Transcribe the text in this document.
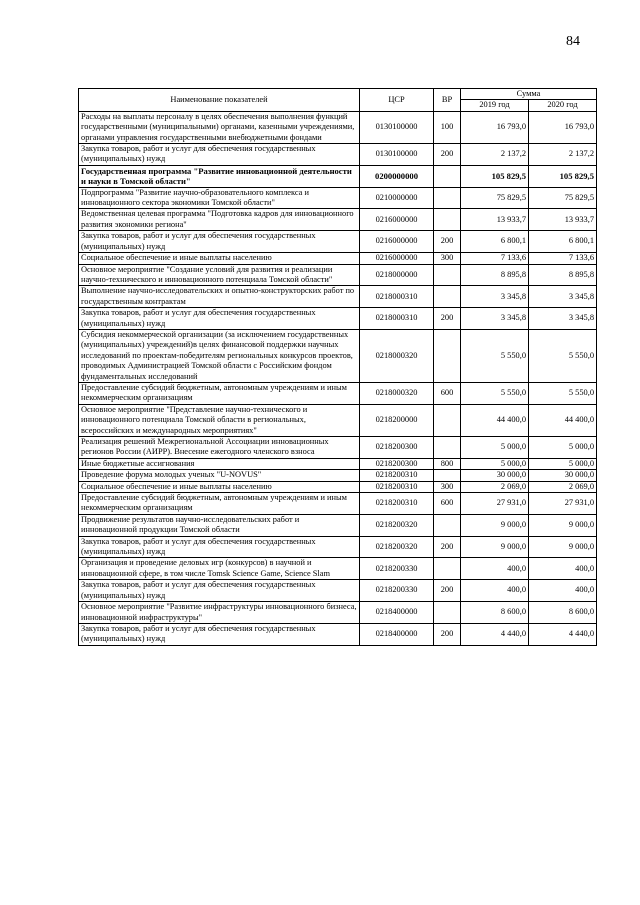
84
Наименование показателей	ЦСР	ВР	Сумма	
			2019 год	2020 год
Расходы на выплаты персоналу в целях обеспечения выполнения функций государственными (муниципальными) органами, казенными учреждениями, органами управления государственными внебюджетными фондами	0130100000	100	16 793,0	16 793,0
Закупка товаров, работ и услуг для обеспечения государственных (муниципальных) нужд	0130100000	200	2 137,2	2 137,2
Государственная программа "Развитие инновационной деятельности и науки в Томской области"	0200000000		105 829,5	105 829,5
Подпрограмма "Развитие научно-образовательного комплекса и инновационного сектора экономики Томской области"	0210000000		75 829,5	75 829,5
Ведомственная целевая программа "Подготовка кадров для инновационного развития экономики региона"	0216000000		13 933,7	13 933,7
Закупка товаров, работ и услуг для обеспечения государственных (муниципальных) нужд	0216000000	200	6 800,1	6 800,1
Социальное обеспечение и иные выплаты населению	0216000000	300	7 133,6	7 133,6
Основное мероприятие "Создание условий для развития и реализации научно-технического и инновационного потенциала Томской области"	0218000000		8 895,8	8 895,8
Выполнение научно-исследовательских и опытно-конструкторских работ по государственным контрактам	0218000310		3 345,8	3 345,8
Закупка товаров, работ и услуг для обеспечения государственных (муниципальных) нужд	0218000310	200	3 345,8	3 345,8
Субсидия некоммерческой организации (за исключением государственных (муниципальных) учреждений)в целях финансовой поддержки научных исследований по проектам-победителям региональных конкурсов проектов, проводимых Администрацией Томской области с Российским фондом фундаментальных исследований	0218000320		5 550,0	5 550,0
Предоставление субсидий бюджетным, автономным учреждениям и иным некоммерческим организациям	0218000320	600	5 550,0	5 550,0
Основное мероприятие "Представление научно-технического и инновационного потенциала Томской области в региональных, всероссийских и международных мероприятиях"	0218200000		44 400,0	44 400,0
Реализация решений Межрегиональной Ассоциации инновационных регионов России (АИРР). Внесение ежегодного членского взноса	0218200300		5 000,0	5 000,0
Иные бюджетные ассигнования	0218200300	800	5 000,0	5 000,0
Проведение форума молодых ученых "U-NOVUS"	0218200310		30 000,0	30 000,0
Социальное обеспечение и иные выплаты населению	0218200310	300	2 069,0	2 069,0
Предоставление субсидий бюджетным, автономным учреждениям и иным некоммерческим организациям	0218200310	600	27 931,0	27 931,0
Продвижение результатов научно-исследовательских работ и инновационной продукции Томской области	0218200320		9 000,0	9 000,0
Закупка товаров, работ и услуг для обеспечения государственных (муниципальных) нужд	0218200320	200	9 000,0	9 000,0
Организация и проведение деловых игр (конкурсов) в научной и инновационной сфере, в том числе Tomsk Science Game, Science Slam	0218200330		400,0	400,0
Закупка товаров, работ и услуг для обеспечения государственных (муниципальных) нужд	0218200330	200	400,0	400,0
Основное мероприятие "Развитие инфраструктуры инновационного бизнеса, инновационной инфраструктуры"	0218400000		8 600,0	8 600,0
Закупка товаров, работ и услуг для обеспечения государственных (муниципальных) нужд	0218400000	200	4 440,0	4 440,0
